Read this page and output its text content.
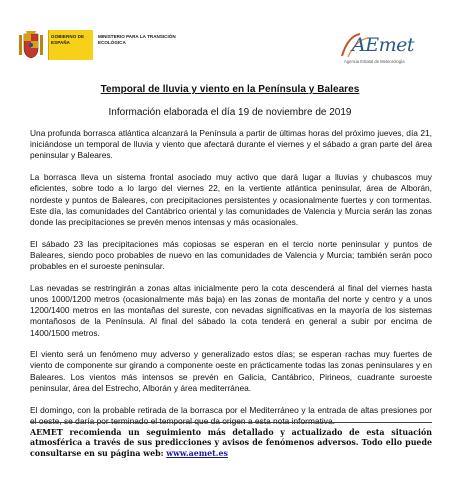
GOBIERNO DE ESPAÑA
MINISTERIO PARA LA TRANSICIÓN ECOLÓGICA	AEmet
Agencia Estatal de Meteorología
Temporal de lluvia y viento en la Península y Baleares
Información elaborada el día 19 de noviembre de 2019

Una profunda borrasca atlántica alcanzará la Península a partir de últimas horas del próximo jueves, día 21, iniciándose un temporal de lluvia y viento que afectará durante el viernes y el sábado a gran parte del área peninsular y Baleares.

La borrasca lleva un sistema frontal asociado muy activo que dará lugar a lluvias y chubascos muy eficientes, sobre todo a lo largo del viernes 22, en la vertiente atlántica peninsular, área de Alborán, nordeste y puntos de Baleares, con precipitaciones persistentes y ocasionalmente fuertes y con tormentas. Este día, las comunidades del Cantábrico oriental y las comunidades de Valencia y Murcia serán las zonas donde las precipitaciones se prevén menos intensas y más ocasionales.

El sábado 23 las precipitaciones más copiosas se esperan en el tercio norte peninsular y puntos de Baleares, siendo poco probables de nuevo en las comunidades de Valencia y Murcia; también serán poco probables en el suroeste peninsular.

Las nevadas se restringirán a zonas altas inicialmente pero la cota descenderá al final del viernes hasta unos 1000/1200 metros (ocasionalmente más baja) en las zonas de montaña del norte y centro y a unos 1200/1400 metros en las montañas del sureste, con nevadas significativas en la mayoría de los sistemas montañosos de la Península. Al final del sábado la cota tenderá en general a subir por encima de 1400/1500 metros.

El viento será un fenómeno muy adverso y generalizado estos días; se esperan rachas muy fuertes de viento de componente sur girando a componente oeste en prácticamente todas las zonas peninsulares y en Baleares. Los vientos más intensos se prevén en Galicia, Cantábrico, Pirineos, cuadrante suroeste peninsular, área del Estrecho, Alborán y área mediterránea.

El domingo, con la probable retirada de la borrasca por el Mediterráneo y la entrada de altas presiones por el oeste, se daría por terminado el temporal que da origen a esta nota informativa.

AEMET recomienda un seguimiento más detallado y actualizado de esta situación atmosférica a través de sus predicciones y avisos de fenómenos adversos. Todo ello puede consultarse en su página web: www.aemet.es
